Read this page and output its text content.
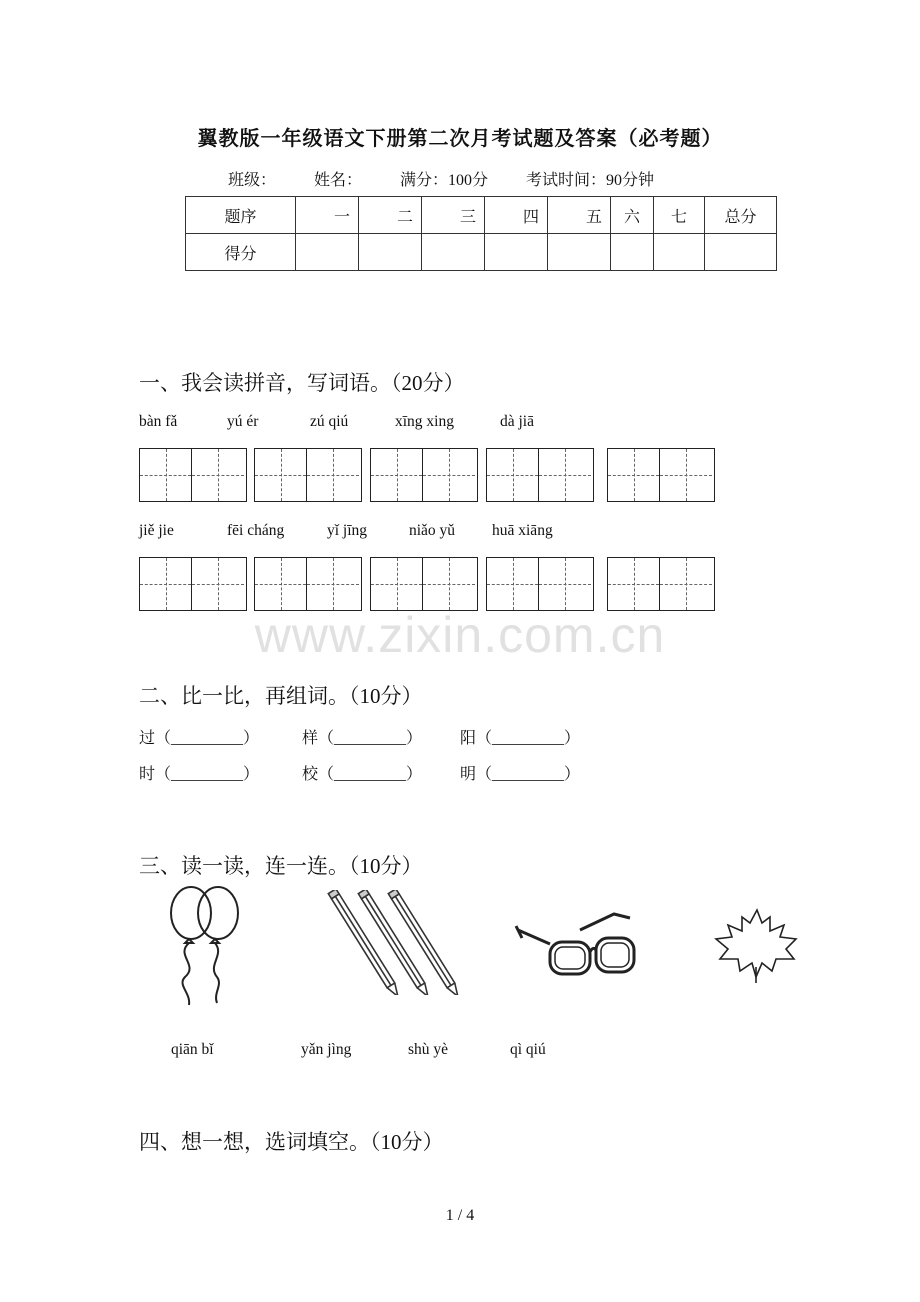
翼教版一年级语文下册第二次月考试题及答案（必考题）
班级： 姓名： 满分：100分 考试时间：90分钟
题序	一	二	三	四	五	六	七	总分
得分								
一、我会读拼音，写词语。（20分）
bàn fǎ	yú ér	zú qiú	xīng xing	dà jiā
jiě jie	fēi cháng	yǐ jīng	niǎo yǔ huā xiāng
www.zixin.com.cn
二、比一比，再组词。（10分）
过（_________）	样（_________） 阳（_________）
时（_________）	校（_________） 明（_________）
三、读一读，连一连。（10分）
qiān bǐ	yǎn jìng	shù yè	qì qiú
四、想一想，选词填空。（10分）
1 / 4
